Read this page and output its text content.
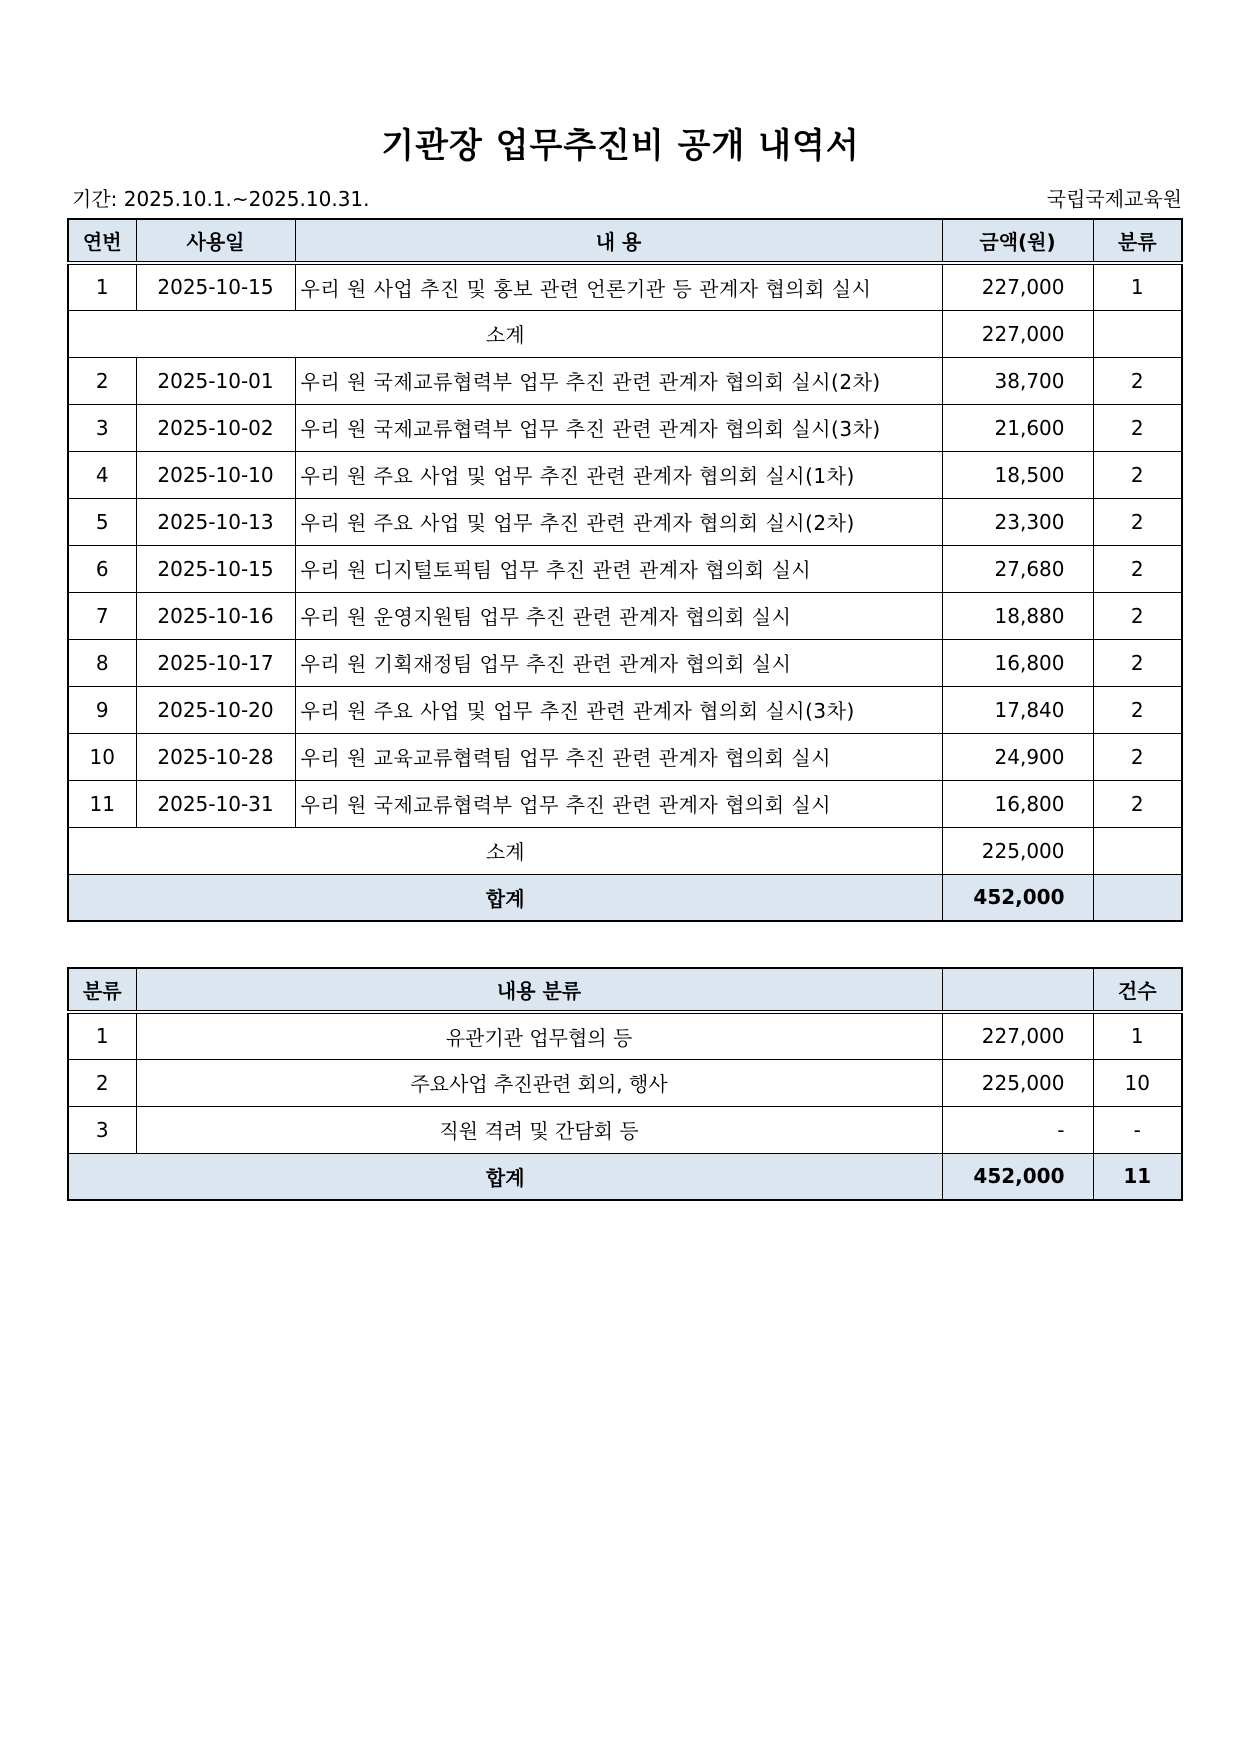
기관장 업무추진비 공개 내역서
기간: 2025.10.1.~2025.10.31.	국립국제교육원
연번	사용일	내 용	금액(원)	분류
1	2025-10-15	우리 원 사업 추진 및 홍보 관련 언론기관 등 관계자 협의회 실시	227,000	1
소계			227,000	
2	2025-10-01	우리 원 국제교류협력부 업무 추진 관련 관계자 협의회 실시(2차)	38,700	2
3	2025-10-02	우리 원 국제교류협력부 업무 추진 관련 관계자 협의회 실시(3차)	21,600	2
4	2025-10-10	우리 원 주요 사업 및 업무 추진 관련 관계자 협의회 실시(1차)	18,500	2
5	2025-10-13	우리 원 주요 사업 및 업무 추진 관련 관계자 협의회 실시(2차)	23,300	2
6	2025-10-15	우리 원 디지털토픽팀 업무 추진 관련 관계자 협의회 실시	27,680	2
7	2025-10-16	우리 원 운영지원팀 업무 추진 관련 관계자 협의회 실시	18,880	2
8	2025-10-17	우리 원 기획재정팀 업무 추진 관련 관계자 협의회 실시	16,800	2
9	2025-10-20	우리 원 주요 사업 및 업무 추진 관련 관계자 협의회 실시(3차)	17,840	2
10	2025-10-28	우리 원 교육교류협력팀 업무 추진 관련 관계자 협의회 실시	24,900	2
11	2025-10-31	우리 원 국제교류협력부 업무 추진 관련 관계자 협의회 실시	16,800	2
소계			225,000	
합계			452,000	
분류	내용 분류		건수
1	유관기관 업무협의 등	227,000	1
2	주요사업 추진관련 회의, 행사	225,000	10
3	직원 격려 및 간담회 등	-	-
합계		452,000	11
